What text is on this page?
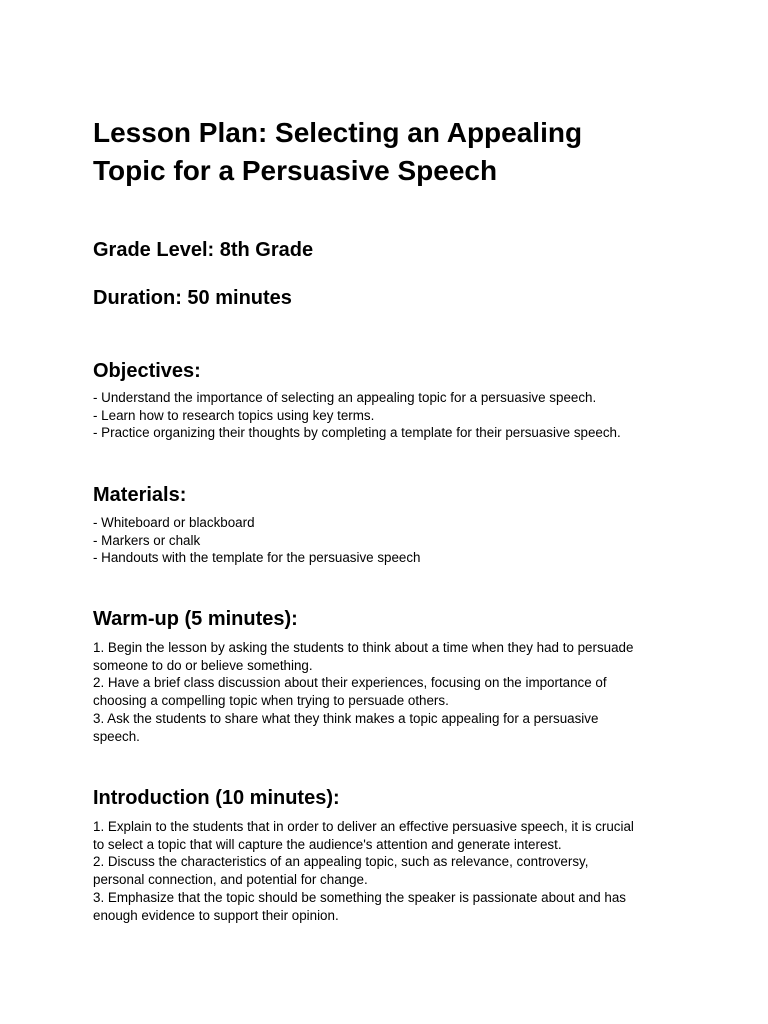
Lesson Plan: Selecting an Appealing
Topic for a Persuasive Speech
Grade Level: 8th Grade
Duration: 50 minutes
Objectives:
- Understand the importance of selecting an appealing topic for a persuasive speech.
- Learn how to research topics using key terms.
- Practice organizing their thoughts by completing a template for their persuasive speech.
Materials:
- Whiteboard or blackboard
- Markers or chalk
- Handouts with the template for the persuasive speech
Warm-up (5 minutes):
1. Begin the lesson by asking the students to think about a time when they had to persuade
someone to do or believe something.
2. Have a brief class discussion about their experiences, focusing on the importance of
choosing a compelling topic when trying to persuade others.
3. Ask the students to share what they think makes a topic appealing for a persuasive
speech.
Introduction (10 minutes):
1. Explain to the students that in order to deliver an effective persuasive speech, it is crucial
to select a topic that will capture the audience's attention and generate interest.
2. Discuss the characteristics of an appealing topic, such as relevance, controversy,
personal connection, and potential for change.
3. Emphasize that the topic should be something the speaker is passionate about and has
enough evidence to support their opinion.
